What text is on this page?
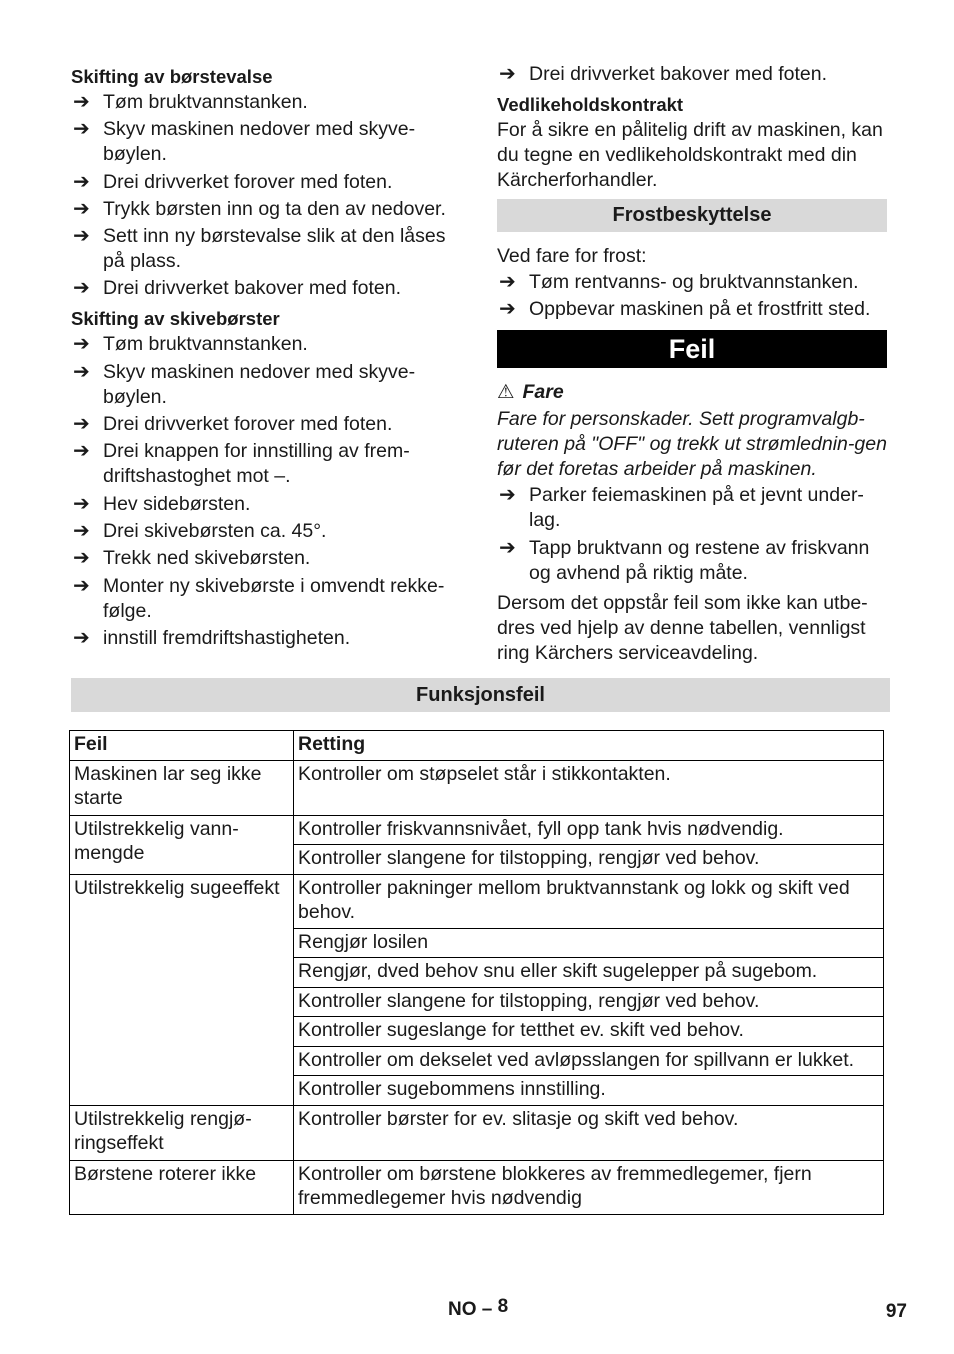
Skifting av børstevalse
➔ Tøm bruktvannstanken.
➔ Skyv maskinen nedover med skyve-bøylen.
➔ Drei drivverket forover med foten.
➔ Trykk børsten inn og ta den av nedover.
➔ Sett inn ny børstevalse slik at den låses på plass.
➔ Drei drivverket bakover med foten.
Skifting av skivebørster
➔ Tøm bruktvannstanken.
➔ Skyv maskinen nedover med skyve-bøylen.
➔ Drei drivverket forover med foten.
➔ Drei knappen for innstilling av frem-driftshastoghet mot –.
➔ Hev sidebørsten.
➔ Drei skivebørsten ca. 45°.
➔ Trekk ned skivebørsten.
➔ Monter ny skivebørste i omvendt rekke-følge.
➔ innstill fremdriftshastigheten.
➔ Drei drivverket bakover med foten.
Vedlikeholdskontrakt

For å sikre en pålitelig drift av maskinen, kan du tegne en vedlikeholdskontrakt med din Kärcherforhandler.

Frostbeskyttelse

Ved fare for frost:

➔ Tøm rentvanns- og bruktvannstanken.
➔ Oppbevar maskinen på et frostfritt sted.
Feil
⚠ Fare

Fare for personskader. Sett programvalgb-ruteren på "OFF" og trekk ut strømlednin-gen før det foretas arbeider på maskinen.

➔ Parker feiemaskinen på et jevnt under-lag.
➔ Tapp bruktvann og restene av friskvann og avhend på riktig måte.

Dersom det oppstår feil som ikke kan utbe-dres ved hjelp av denne tabellen, vennligst ring Kärchers serviceavdeling.

Funksjonsfeil
Feil	Retting
Maskinen lar seg ikke starte	Kontroller om støpselet står i stikkontakten.
Utilstrekkelig vann-mengde	Kontroller friskvannsnivået, fyll opp tank hvis nødvendig.
	Kontroller slangene for tilstopping, rengjør ved behov.
Utilstrekkelig sugeeffekt	Kontroller pakninger mellom bruktvannstank og lokk og skift ved behov.
	Rengjør losilen
	Rengjør, dved behov snu eller skift sugelepper på sugebom.
	Kontroller slangene for tilstopping, rengjør ved behov.
	Kontroller sugeslange for tetthet ev. skift ved behov.
	Kontroller om dekselet ved avløpsslangen for spillvann er lukket.
	Kontroller sugebommens innstilling.
Utilstrekkelig rengjø-ringseffekt	Kontroller børster for ev. slitasje og skift ved behov.
Børstene roterer ikke	Kontroller om børstene blokkeres av fremmedlegemer, fjern fremmedlegemer hvis nødvendig
NO – 8	97
